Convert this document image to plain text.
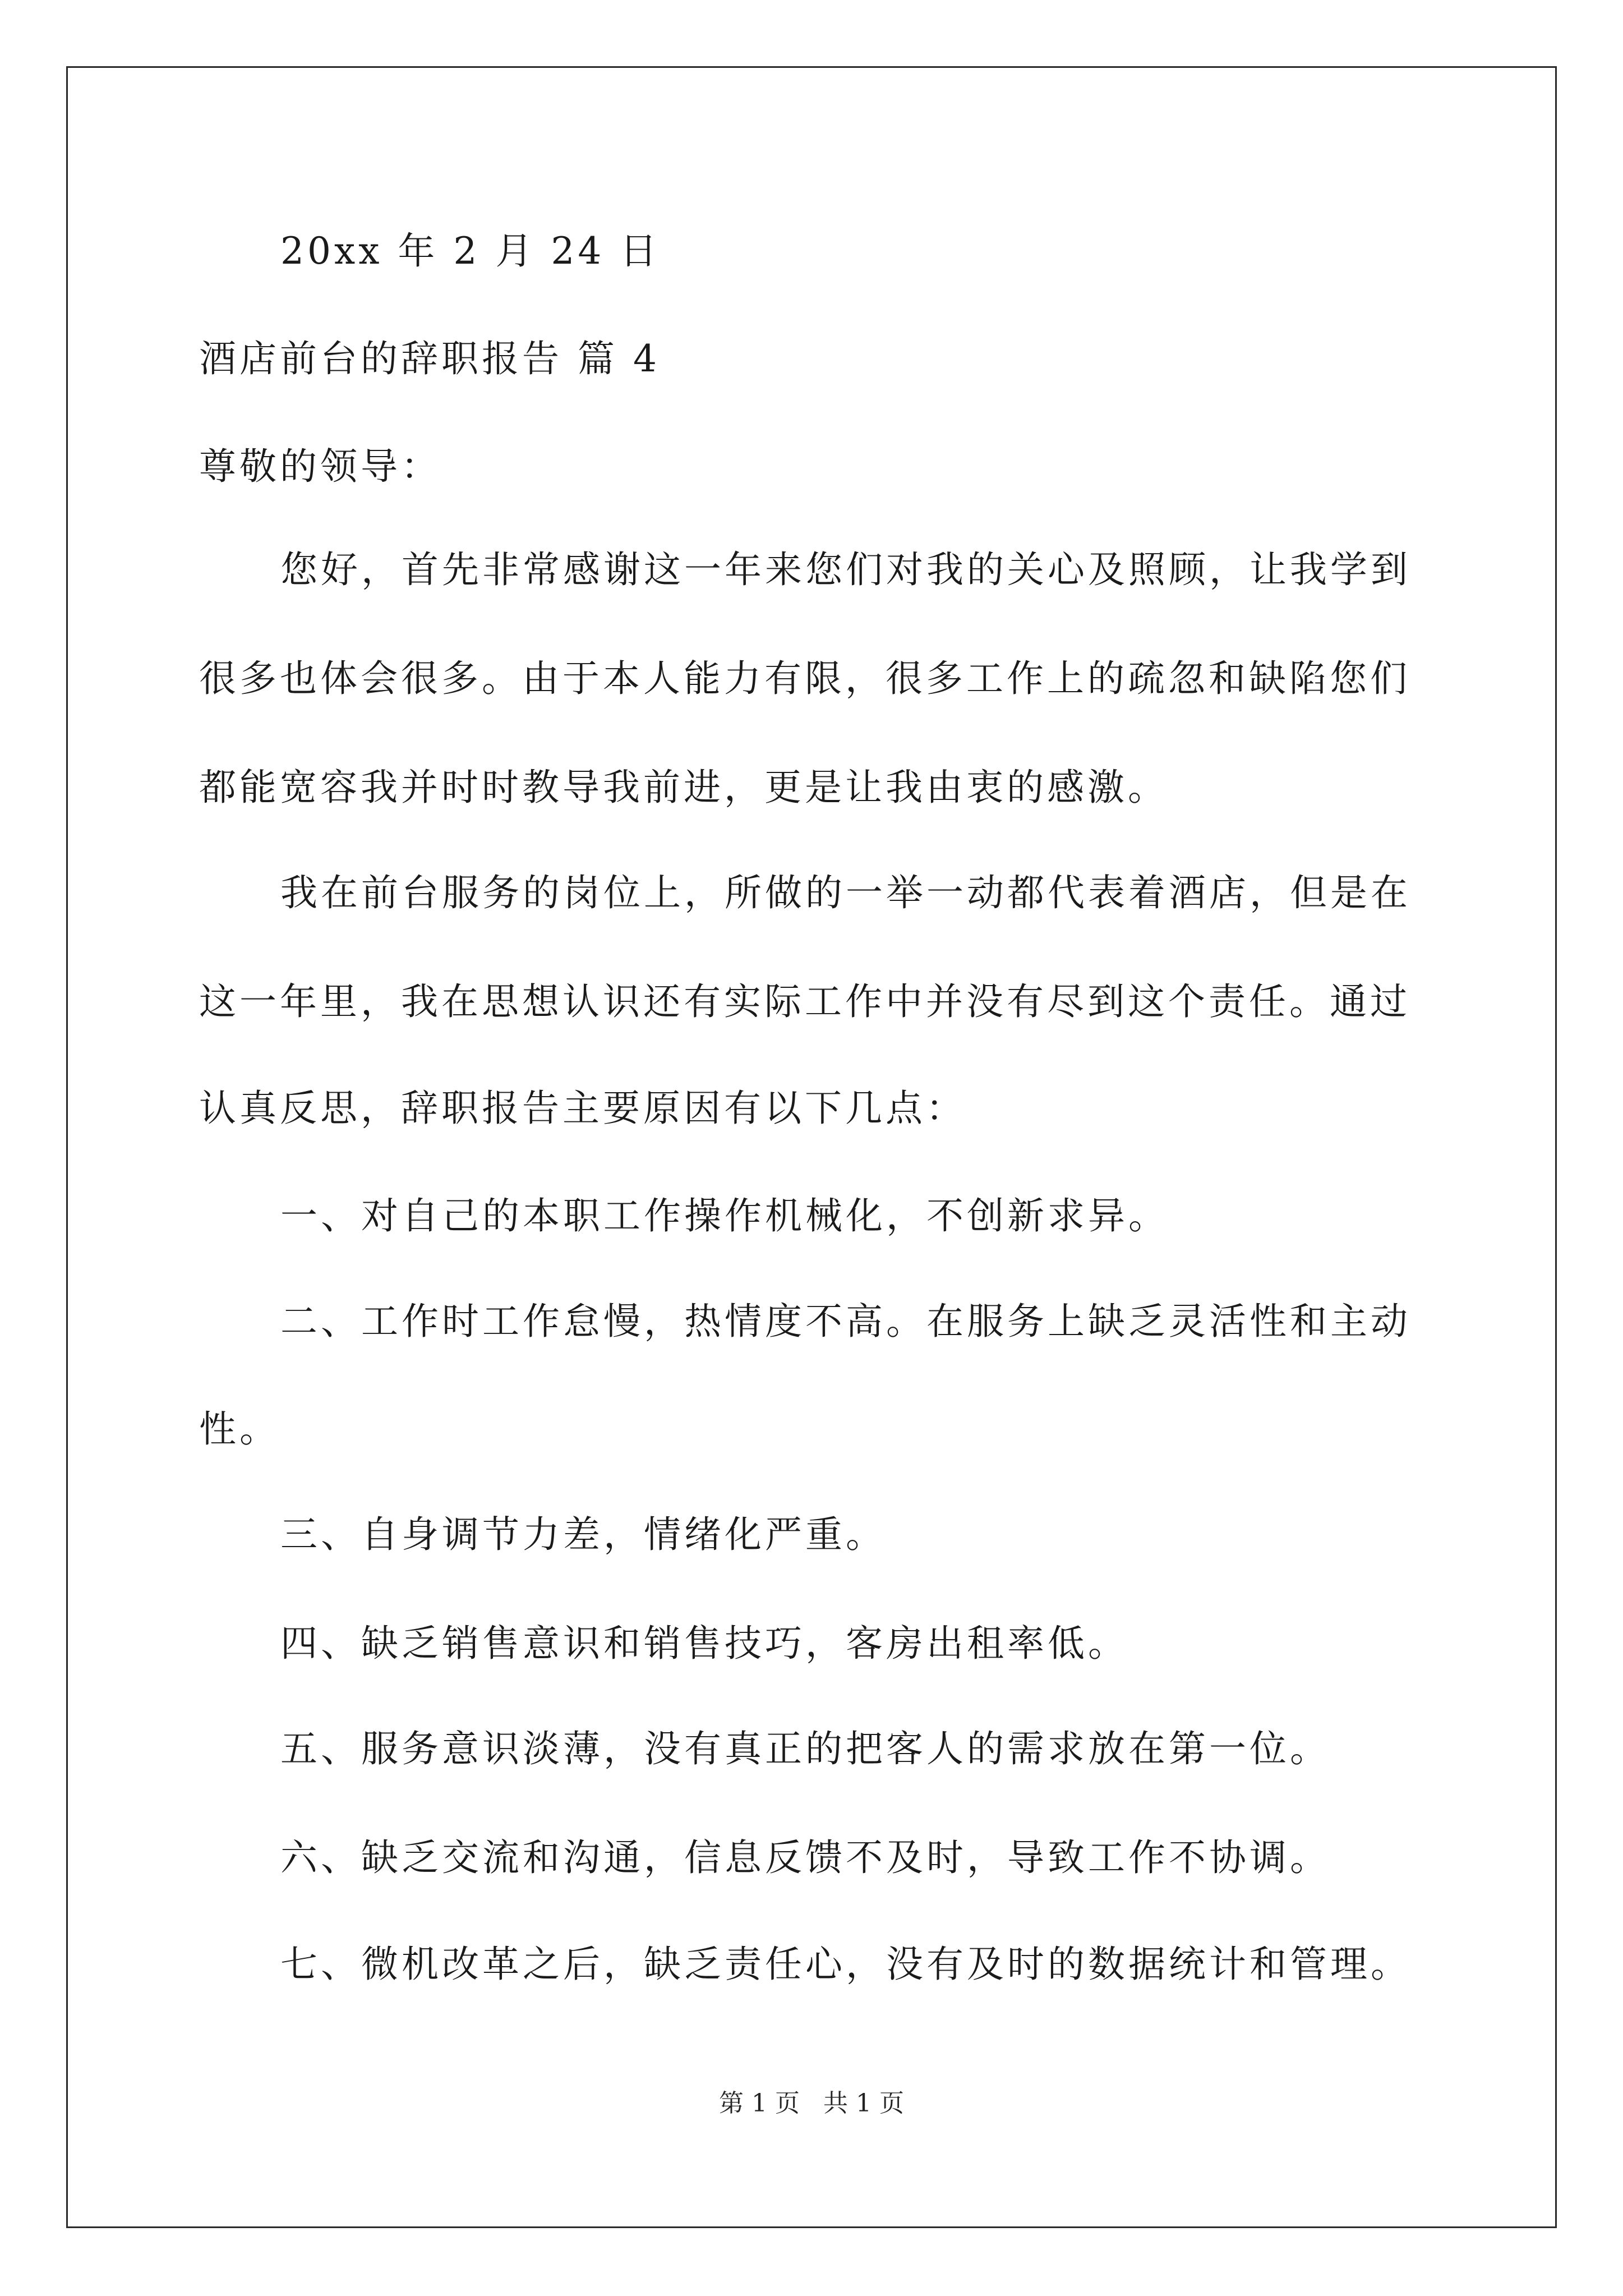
20xx 年 2 月 24 日
酒店前台的辞职报告 篇 4
尊敬的领导：
您好，首先非常感谢这一年来您们对我的关心及照顾，让我学到
很多也体会很多。由于本人能力有限，很多工作上的疏忽和缺陷您们
都能宽容我并时时教导我前进，更是让我由衷的感激。
我在前台服务的岗位上，所做的一举一动都代表着酒店，但是在
这一年里，我在思想认识还有实际工作中并没有尽到这个责任。通过
认真反思，辞职报告主要原因有以下几点：
一、对自己的本职工作操作机械化，不创新求异。
二、工作时工作怠慢，热情度不高。在服务上缺乏灵活性和主动
性。
三、自身调节力差，情绪化严重。
四、缺乏销售意识和销售技巧，客房出租率低。
五、服务意识淡薄，没有真正的把客人的需求放在第一位。
六、缺乏交流和沟通，信息反馈不及时，导致工作不协调。
七、微机改革之后，缺乏责任心，没有及时的数据统计和管理。
第 1 页   共 1 页
